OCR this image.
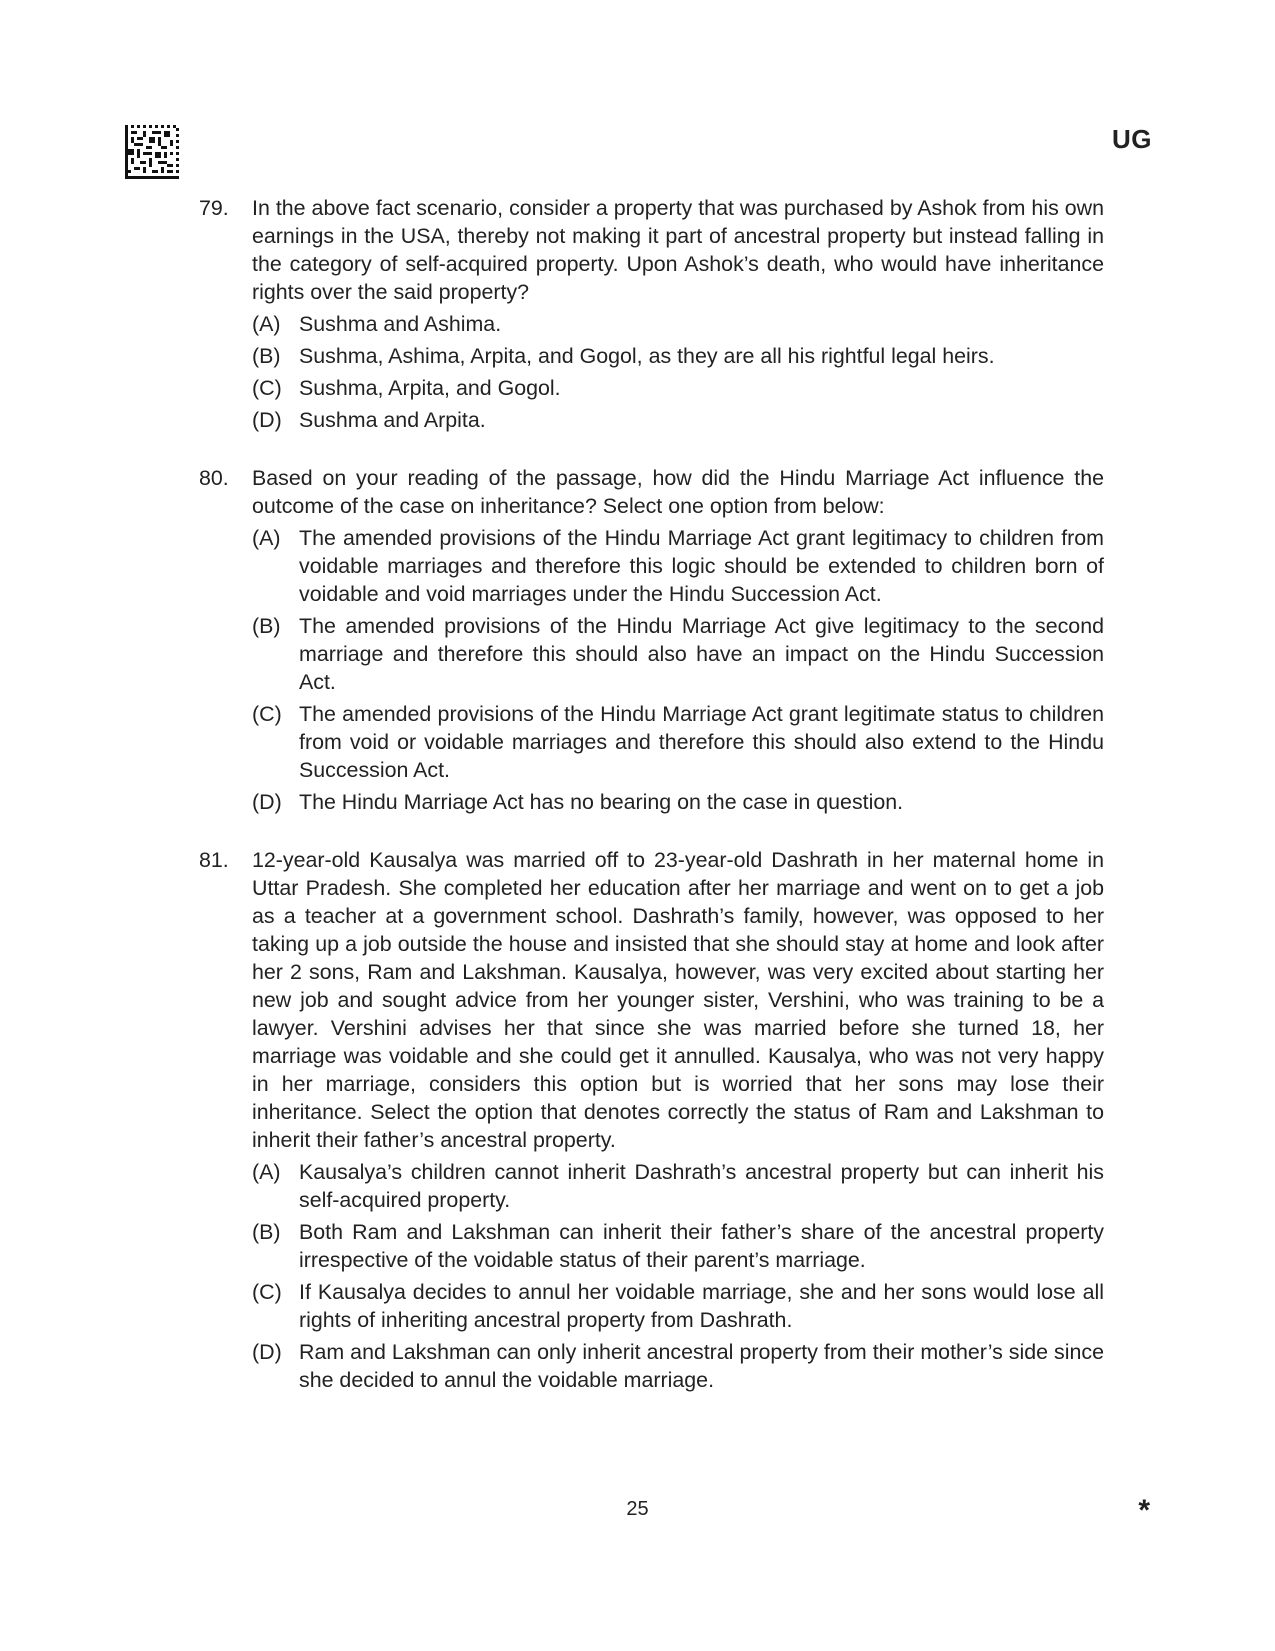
UG
79.	In the above fact scenario, consider a property that was purchased by Ashok from his own earnings in the USA, thereby not making it part of ancestral property but instead falling in the category of self-acquired property. Upon Ashok’s death, who would have inheritance rights over the said property?
(A) Sushma and Ashima.
(B) Sushma, Ashima, Arpita, and Gogol, as they are all his rightful legal heirs.
(C) Sushma, Arpita, and Gogol.
(D) Sushma and Arpita.
80.	Based on your reading of the passage, how did the Hindu Marriage Act influence the outcome of the case on inheritance? Select one option from below:
(A) The amended provisions of the Hindu Marriage Act grant legitimacy to children from voidable marriages and therefore this logic should be extended to children born of voidable and void marriages under the Hindu Succession Act.
(B) The amended provisions of the Hindu Marriage Act give legitimacy to the second marriage and therefore this should also have an impact on the Hindu Succession Act.
(C) The amended provisions of the Hindu Marriage Act grant legitimate status to children from void or voidable marriages and therefore this should also extend to the Hindu Succession Act.
(D) The Hindu Marriage Act has no bearing on the case in question.
81.	12-year-old Kausalya was married off to 23-year-old Dashrath in her maternal home in Uttar Pradesh. She completed her education after her marriage and went on to get a job as a teacher at a government school. Dashrath’s family, however, was opposed to her taking up a job outside the house and insisted that she should stay at home and look after her 2 sons, Ram and Lakshman. Kausalya, however, was very excited about starting her new job and sought advice from her younger sister, Vershini, who was training to be a lawyer. Vershini advises her that since she was married before she turned 18, her marriage was voidable and she could get it annulled. Kausalya, who was not very happy in her marriage, considers this option but is worried that her sons may lose their inheritance. Select the option that denotes correctly the status of Ram and Lakshman to inherit their father’s ancestral property.
(A) Kausalya’s children cannot inherit Dashrath’s ancestral property but can inherit his self-acquired property.
(B) Both Ram and Lakshman can inherit their father’s share of the ancestral property irrespective of the voidable status of their parent’s marriage.
(C) If Kausalya decides to annul her voidable marriage, she and her sons would lose all rights of inheriting ancestral property from Dashrath.
(D) Ram and Lakshman can only inherit ancestral property from their mother’s side since she decided to annul the voidable marriage.
25	*
